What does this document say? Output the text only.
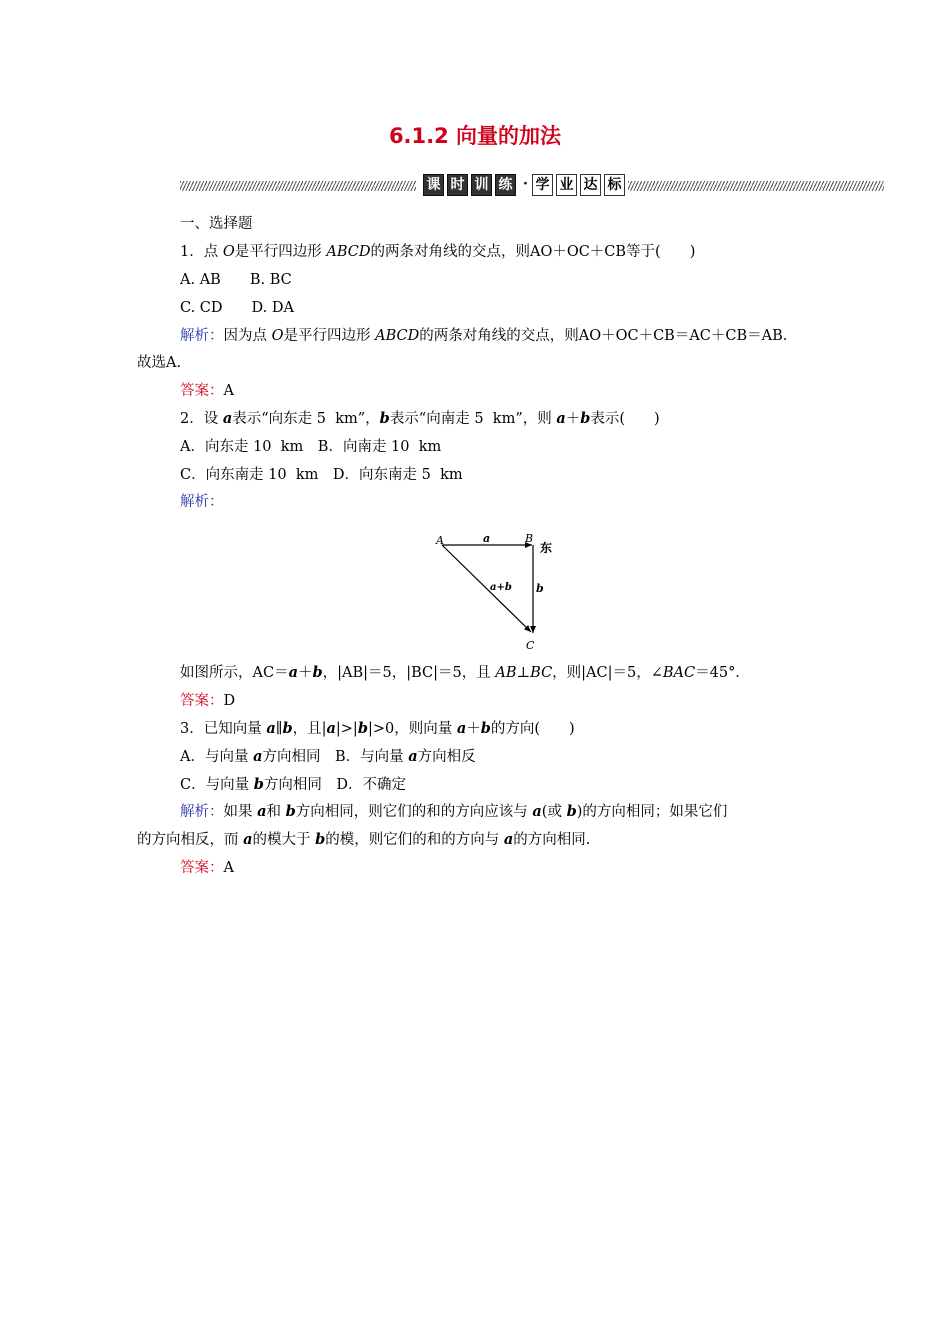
6.1.2 向量的加法
课 时 训 练 · 学 业 达 标
一、选择题
1．点 O是平行四边形 ABCD的两条对角线的交点，则AO＋OC＋CB等于(　　)
A. AB　　B. BC
C. CD　　D. DA
解析：因为点 O是平行四边形 ABCD的两条对角线的交点，则AO＋OC＋CB＝AC＋CB＝AB.
故选A.
答案：A
2．设 a表示“向东走 5  km”，b表示“向南走 5  km”，则 a＋b表示(　　)
A．向东走 10  km　B．向南走 10  km
C．向东南走 10  km　D．向东南走 5  km
解析：
A	B
C
a
b
a+b
东
如图所示，AC＝a＋b，|AB|＝5，|BC|＝5，且 AB⊥BC，则|AC|＝5，∠BAC＝45°．
答案：D
3．已知向量 a∥b，且|a|>|b|>0，则向量 a＋b的方向(　　)
A．与向量 a方向相同　B．与向量 a方向相反
C．与向量 b方向相同　D．不确定
解析：如果 a和 b方向相同，则它们的和的方向应该与 a(或 b)的方向相同；如果它们
的方向相反，而 a的模大于 b的模，则它们的和的方向与 a的方向相同.
答案：A
